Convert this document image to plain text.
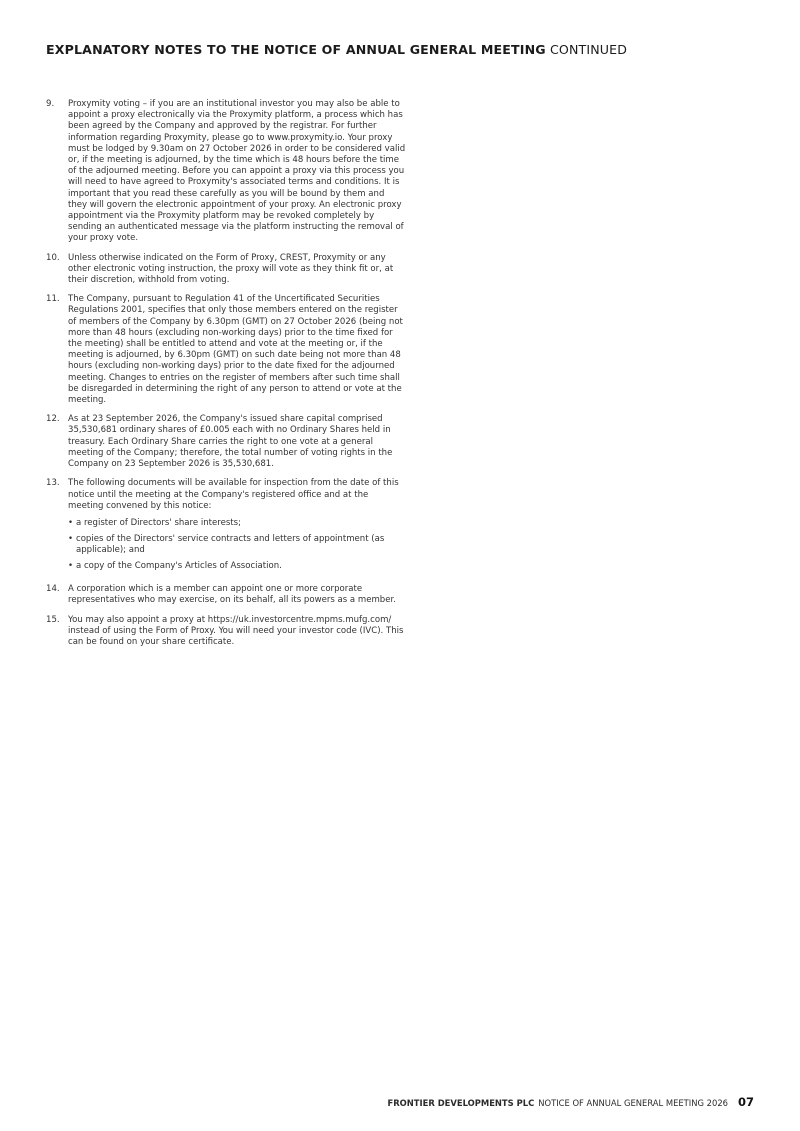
EXPLANATORY NOTES TO THE NOTICE OF ANNUAL GENERAL MEETING CONTINUED
9.	Proxymity voting – if you are an institutional investor you may also be able to appoint a proxy electronically via the Proxymity platform, a process which has been agreed by the Company and approved by the registrar. For further information regarding Proxymity, please go to www.proxymity.io. Your proxy must be lodged by 9.30am on 27 October 2026 in order to be considered valid or, if the meeting is adjourned, by the time which is 48 hours before the time of the adjourned meeting. Before you can appoint a proxy via this process you will need to have agreed to Proxymity's associated terms and conditions. It is important that you read these carefully as you will be bound by them and they will govern the electronic appointment of your proxy. An electronic proxy appointment via the Proxymity platform may be revoked completely by sending an authenticated message via the platform instructing the removal of your proxy vote.
10. Unless otherwise indicated on the Form of Proxy, CREST, Proxymity or any other electronic voting instruction, the proxy will vote as they think fit or, at their discretion, withhold from voting.
11. The Company, pursuant to Regulation 41 of the Uncertificated Securities Regulations 2001, specifies that only those members entered on the register of members of the Company by 6.30pm (GMT) on 27 October 2026 (being not more than 48 hours (excluding non-working days) prior to the time fixed for the meeting) shall be entitled to attend and vote at the meeting or, if the meeting is adjourned, by 6.30pm (GMT) on such date being not more than 48 hours (excluding non-working days) prior to the date fixed for the adjourned meeting. Changes to entries on the register of members after such time shall be disregarded in determining the right of any person to attend or vote at the meeting.
12. As at 23 September 2026, the Company's issued share capital comprised 35,530,681 ordinary shares of £0.005 each with no Ordinary Shares held in treasury. Each Ordinary Share carries the right to one vote at a general meeting of the Company; therefore, the total number of voting rights in the Company on 23 September 2026 is 35,530,681.
13. The following documents will be available for inspection from the date of this notice until the meeting at the Company's registered office and at the meeting convened by this notice:
• a register of Directors' share interests;
• copies of the Directors' service contracts and letters of appointment (as applicable); and
• a copy of the Company's Articles of Association.
14. A corporation which is a member can appoint one or more corporate representatives who may exercise, on its behalf, all its powers as a member.
15. You may also appoint a proxy at https://uk.investorcentre.mpms.mufg.com/ instead of using the Form of Proxy. You will need your investor code (IVC). This can be found on your share certificate.
FRONTIER DEVELOPMENTS PLC NOTICE OF ANNUAL GENERAL MEETING 2026 07
